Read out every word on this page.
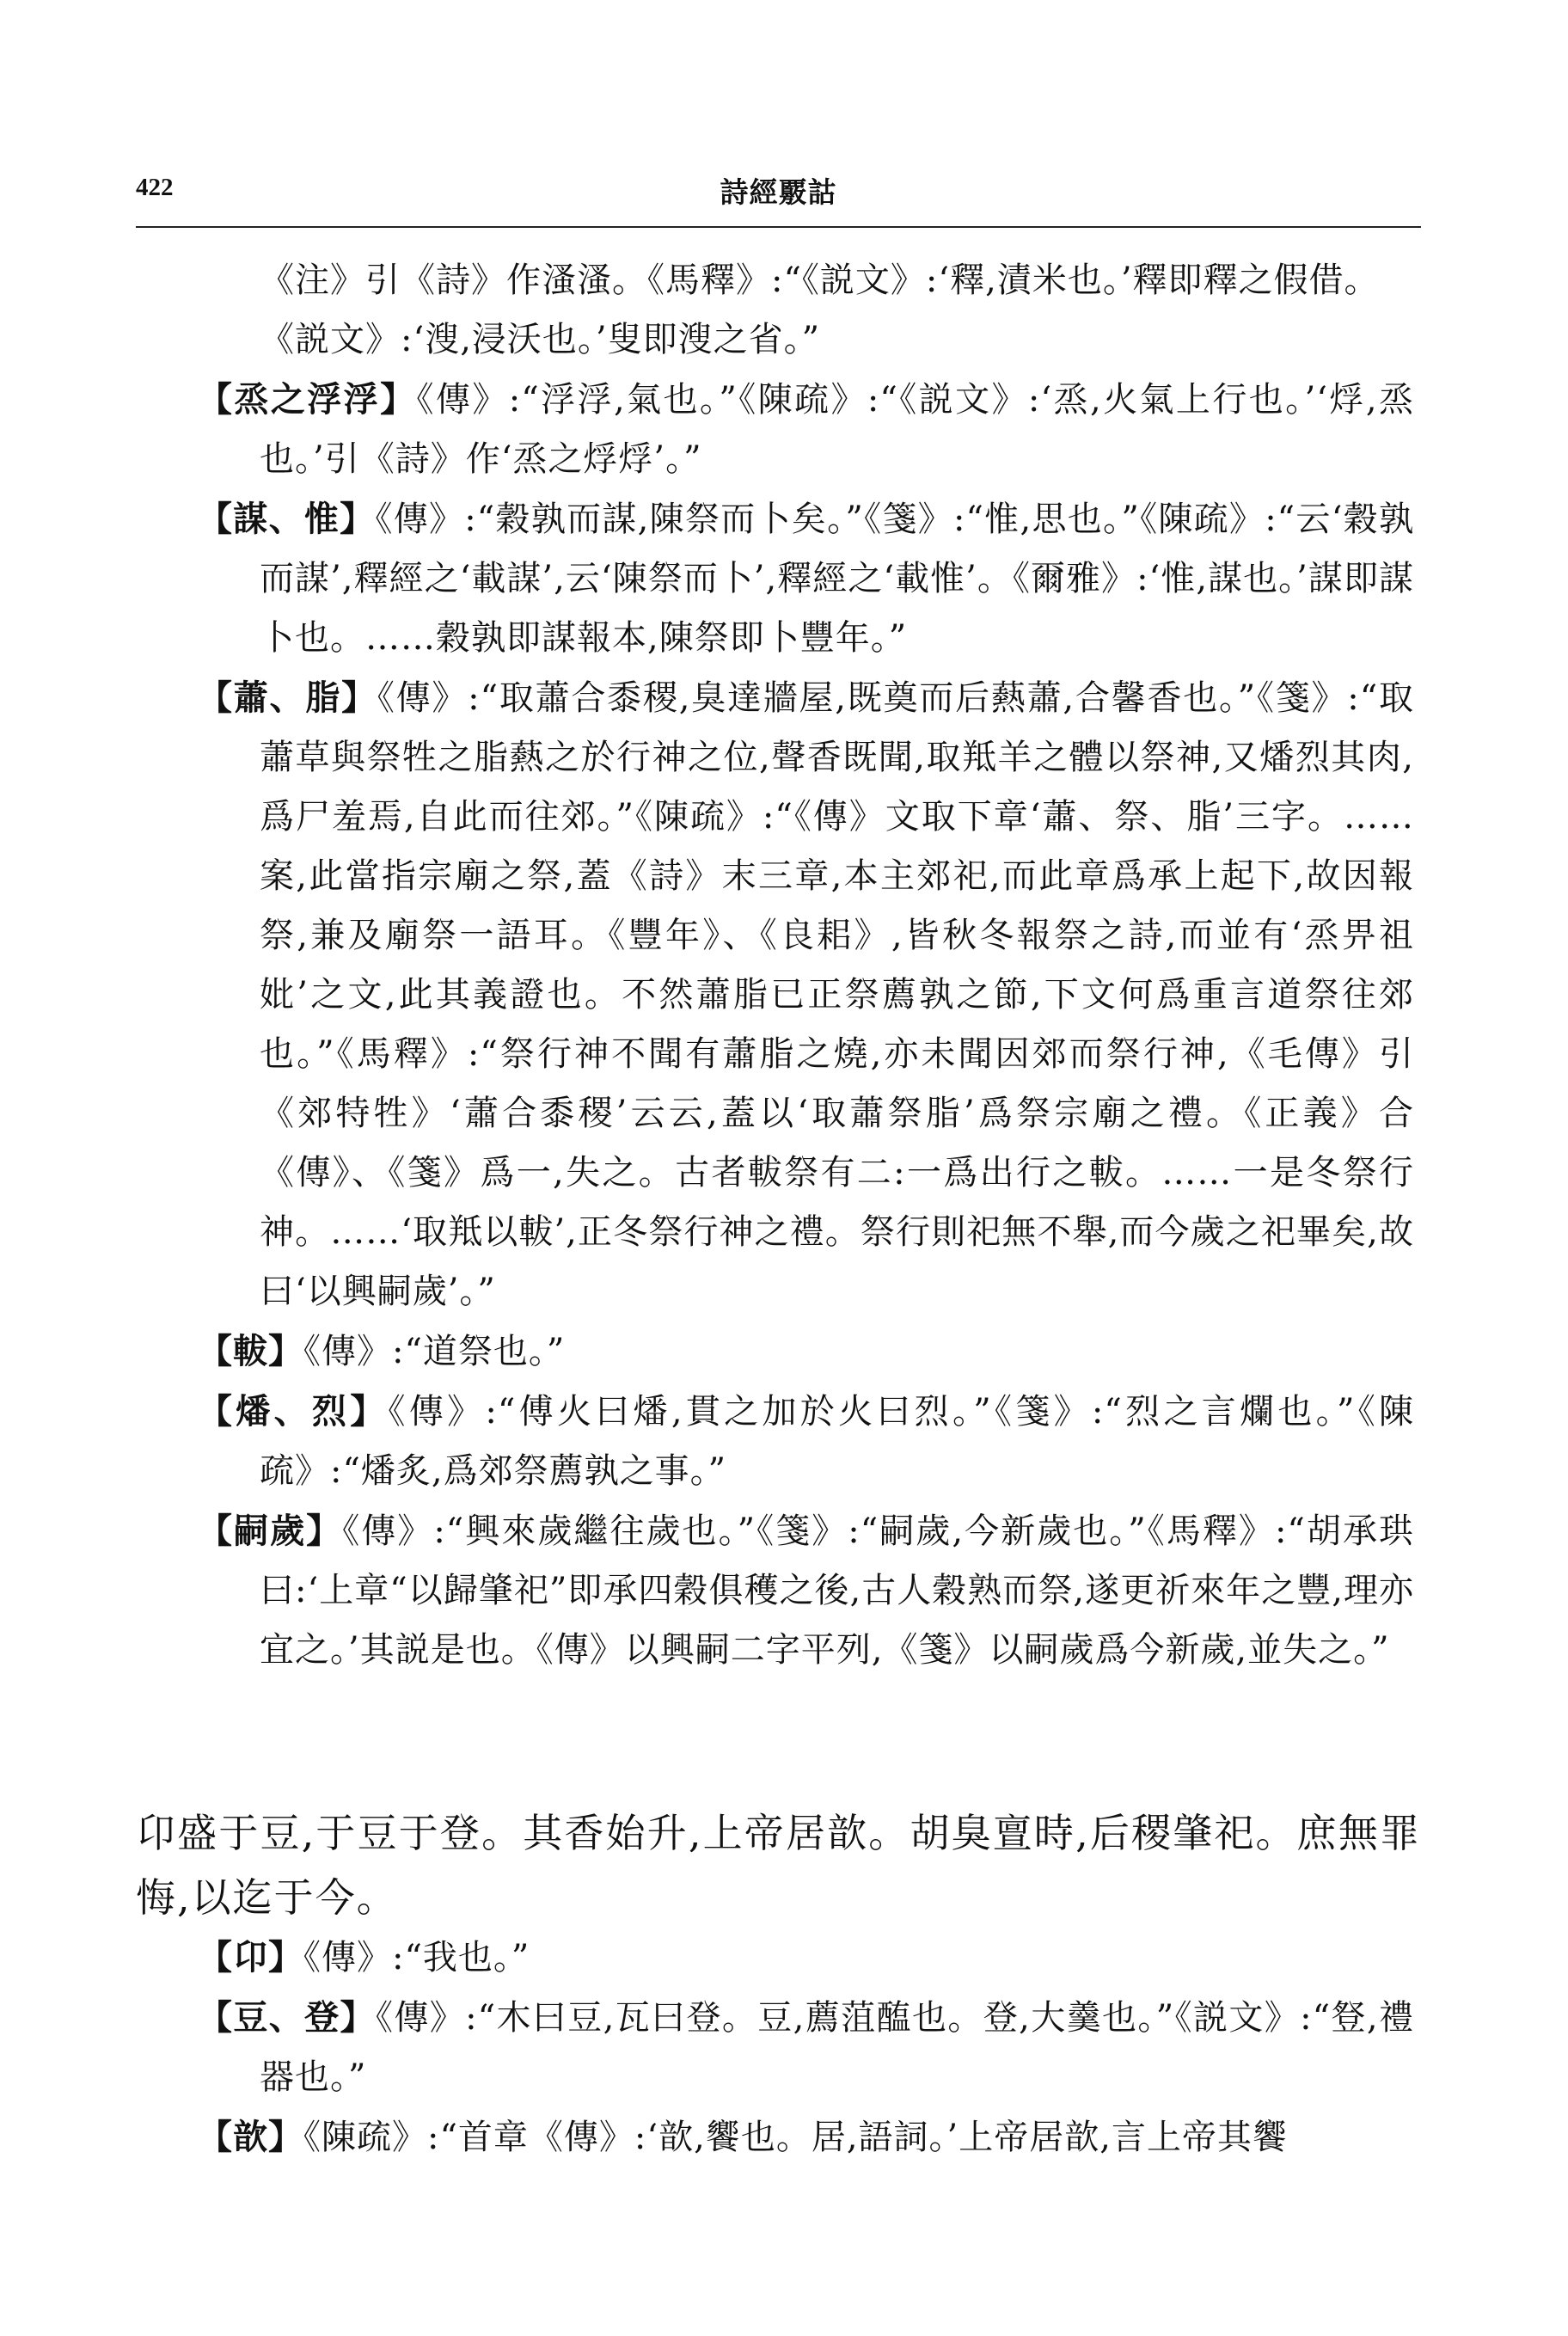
422	詩經覈詁

《注》引《詩》作溞溞。《馬釋》:“《説文》:‘釋,漬米也。’釋即釋之假借。

《説文》:‘溲,浸沃也。’叟即溲之省。”

【烝之浮浮】《傳》:“浮浮,氣也。”《陳疏》:“《説文》:‘烝,火氣上行也。’‘烰,烝也。’引《詩》作‘烝之烰烰’。”

【謀、惟】《傳》:“穀孰而謀,陳祭而卜矣。”《箋》:“惟,思也。”《陳疏》:“云‘穀孰而謀’,釋經之‘載謀’,云‘陳祭而卜’,釋經之‘載惟’。《爾雅》:‘惟,謀也。’謀即謀卜也。……穀孰即謀報本,陳祭即卜豐年。”

【蕭、脂】《傳》:“取蕭合黍稷,臭達牆屋,既奠而后爇蕭,合馨香也。”《箋》:“取蕭草與祭牲之脂爇之於行神之位,聲香既聞,取羝羊之體以祭神,又燔烈其肉,爲尸羞焉,自此而往郊。”《陳疏》:“《傳》文取下章‘蕭、祭、脂’三字。……案,此當指宗廟之祭,蓋《詩》末三章,本主郊祀,而此章爲承上起下,故因報祭,兼及廟祭一語耳。《豐年》、《良耜》,皆秋冬報祭之詩,而並有‘烝畀祖妣’之文,此其義證也。不然蕭脂已正祭薦孰之節,下文何爲重言道祭往郊也。”《馬釋》:“祭行神不聞有蕭脂之燒,亦未聞因郊而祭行神,《毛傳》引《郊特牲》‘蕭合黍稷’云云,蓋以‘取蕭祭脂’爲祭宗廟之禮。《正義》合《傳》、《箋》爲一,失之。古者軷祭有二:一爲出行之軷。……一是冬祭行神。……‘取羝以軷’,正冬祭行神之禮。祭行則祀無不舉,而今歲之祀畢矣,故曰‘以興嗣歲’。”

【軷】《傳》:“道祭也。”

【燔、烈】《傳》:“傅火曰燔,貫之加於火曰烈。”《箋》:“烈之言爛也。”《陳疏》:“燔炙,爲郊祭薦孰之事。”

【嗣歲】《傳》:“興來歲繼往歲也。”《箋》:“嗣歲,今新歲也。”《馬釋》:“胡承珙曰:‘上章“以歸肇祀”即承四穀俱穫之後,古人穀熟而祭,遂更祈來年之豐,理亦宜之。’其説是也。《傳》以興嗣二字平列,《箋》以嗣歲爲今新歲,並失之。”

卬盛于豆,于豆于登。其香始升,上帝居歆。胡臭亶時,后稷肇祀。庶無罪悔,以迄于今。

【卬】《傳》:“我也。”

【豆、登】《傳》:“木曰豆,瓦曰登。豆,薦菹醢也。登,大羹也。”《説文》:“豋,禮器也。”

【歆】《陳疏》:“首章《傳》:‘歆,饗也。居,語詞。’上帝居歆,言上帝其饗
